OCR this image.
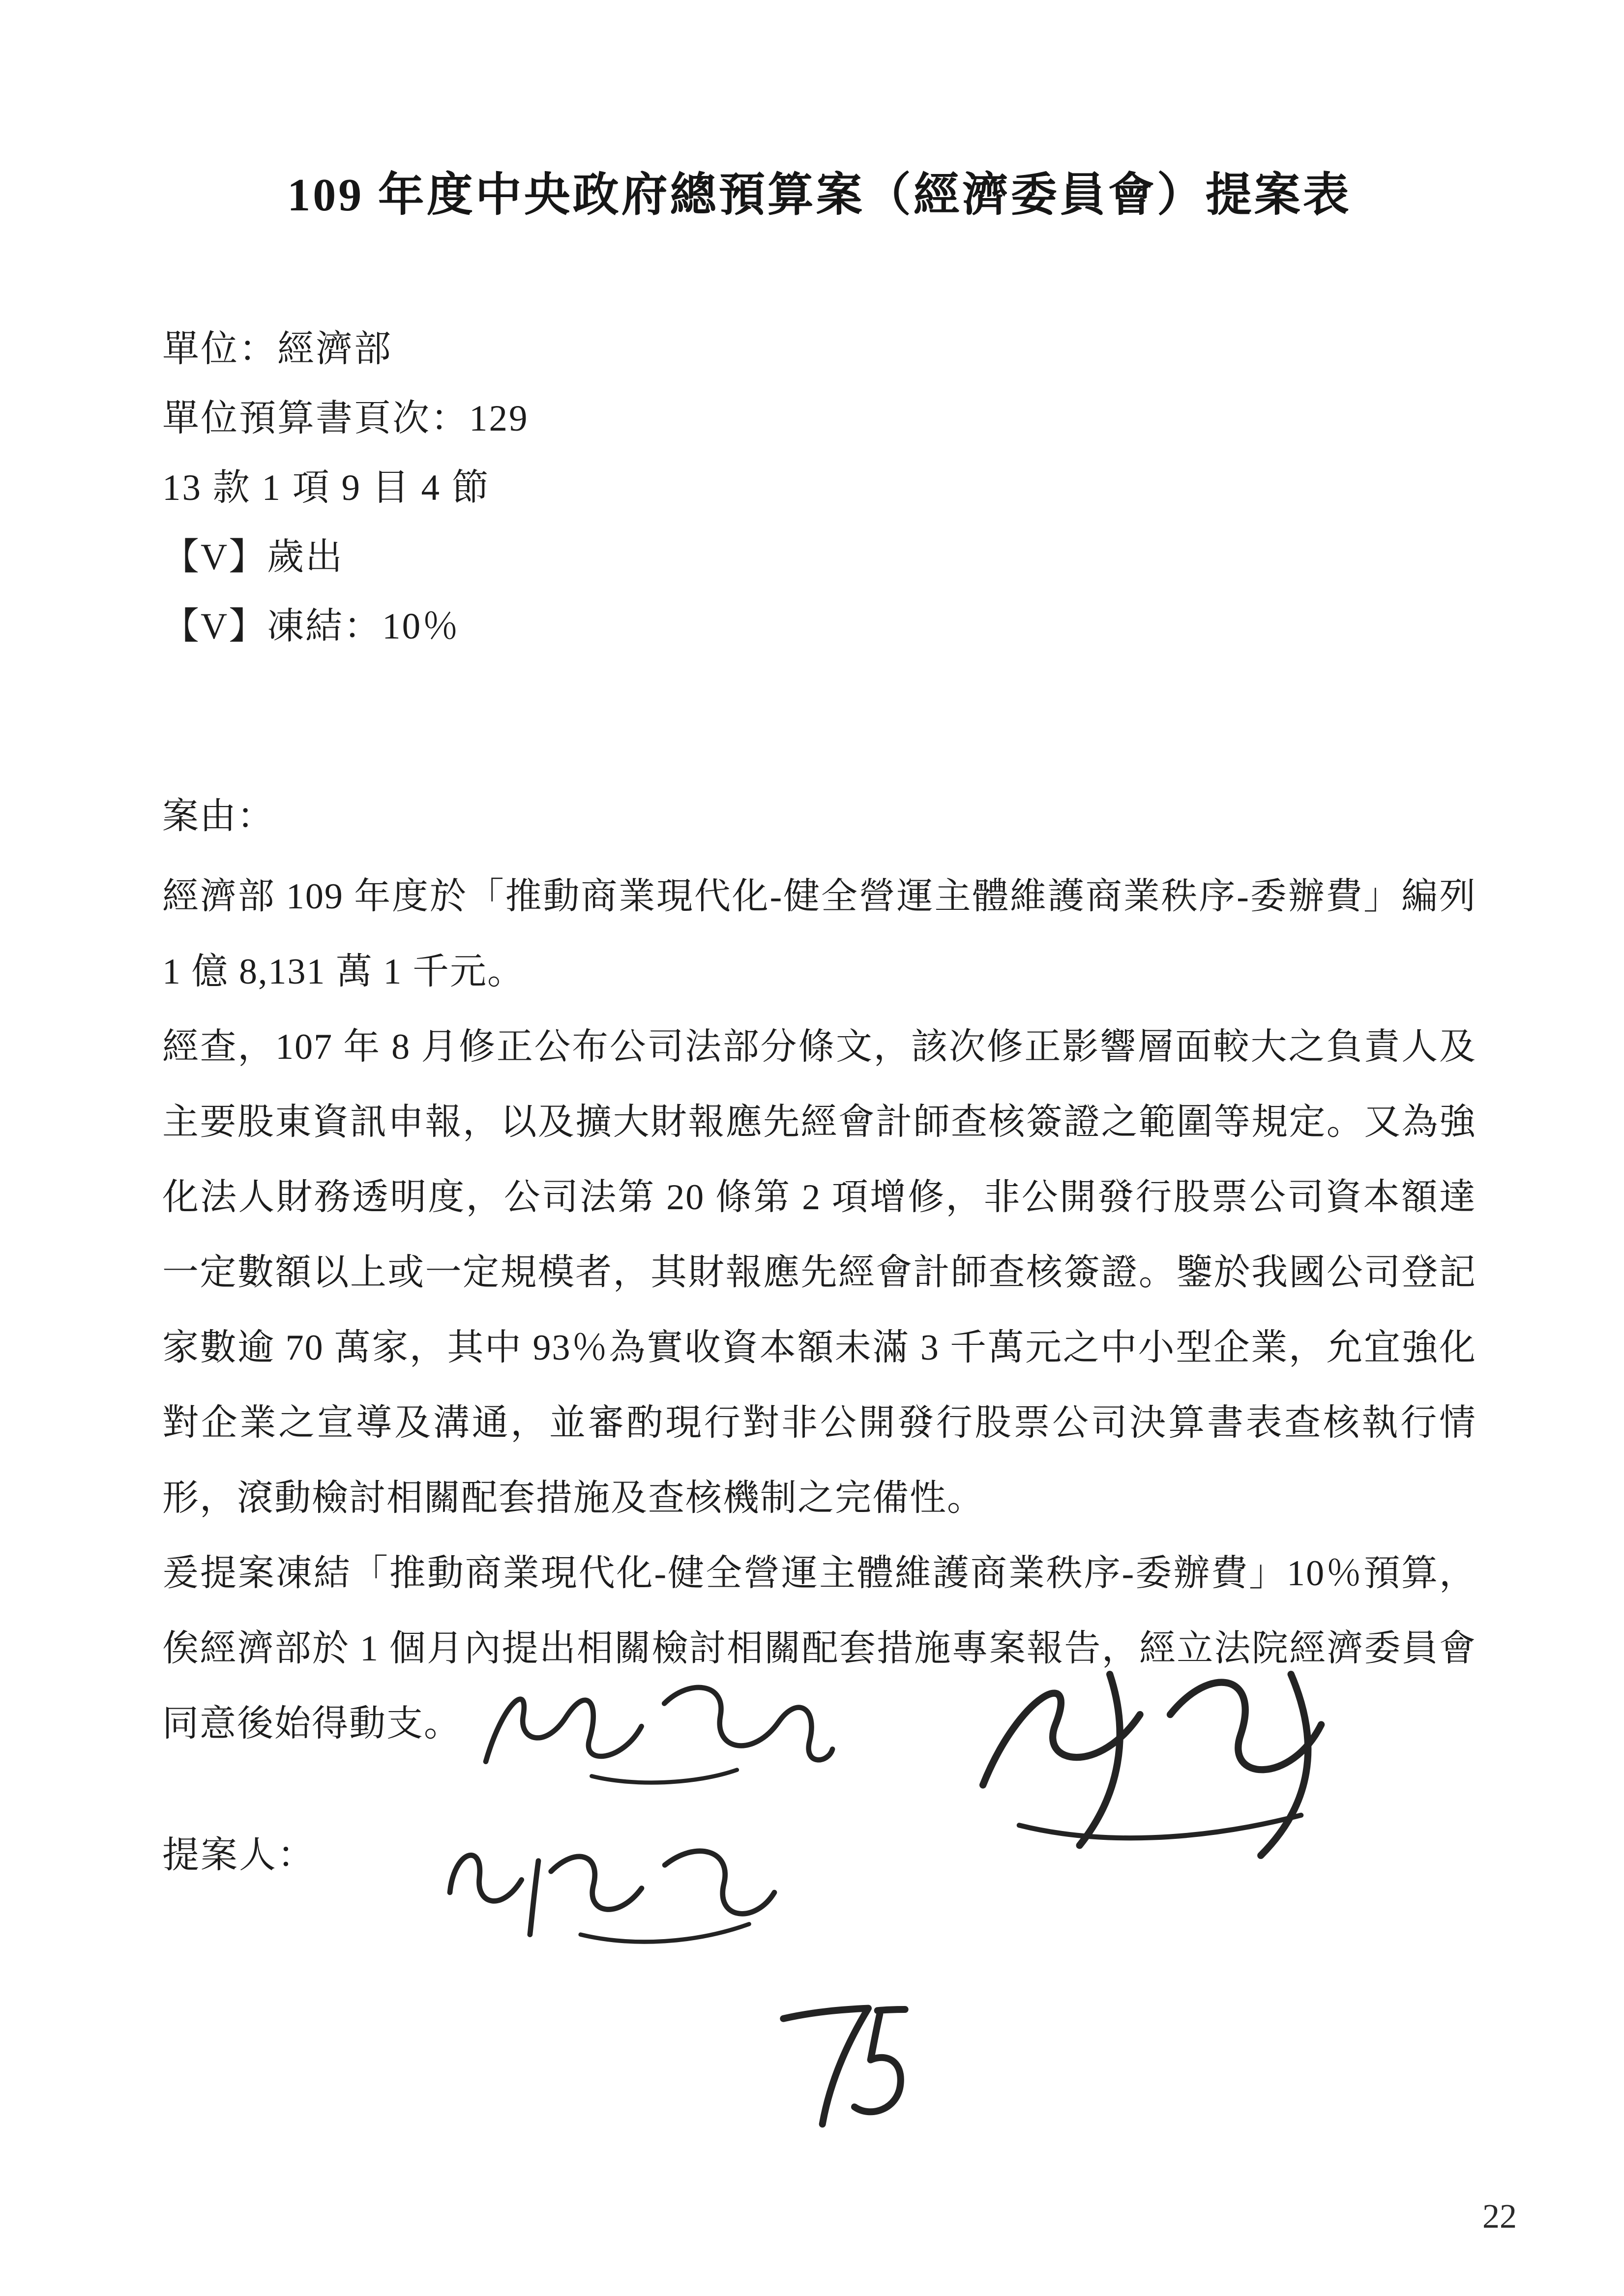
109 年度中央政府總預算案（經濟委員會）提案表
單位：經濟部
單位預算書頁次：129
13 款 1 項 9 目 4 節
【V】歲出
【V】凍結：10％
案由：

經濟部 109 年度於「推動商業現代化-健全營運主體維護商業秩序-委辦費」編列 1 億 8,131 萬 1 千元。

經查，107 年 8 月修正公布公司法部分條文，該次修正影響層面較大之負責人及主要股東資訊申報，以及擴大財報應先經會計師查核簽證之範圍等規定。又為強化法人財務透明度，公司法第 20 條第 2 項增修，非公開發行股票公司資本額達一定數額以上或一定規模者，其財報應先經會計師查核簽證。鑒於我國公司登記家數逾 70 萬家，其中 93％為實收資本額未滿 3 千萬元之中小型企業，允宜強化對企業之宣導及溝通，並審酌現行對非公開發行股票公司決算書表查核執行情形，滾動檢討相關配套措施及查核機制之完備性。

爰提案凍結「推動商業現代化-健全營運主體維護商業秩序-委辦費」10％預算，俟經濟部於 1 個月內提出相關檢討相關配套措施專案報告，經立法院經濟委員會同意後始得動支。

提案人：
22
